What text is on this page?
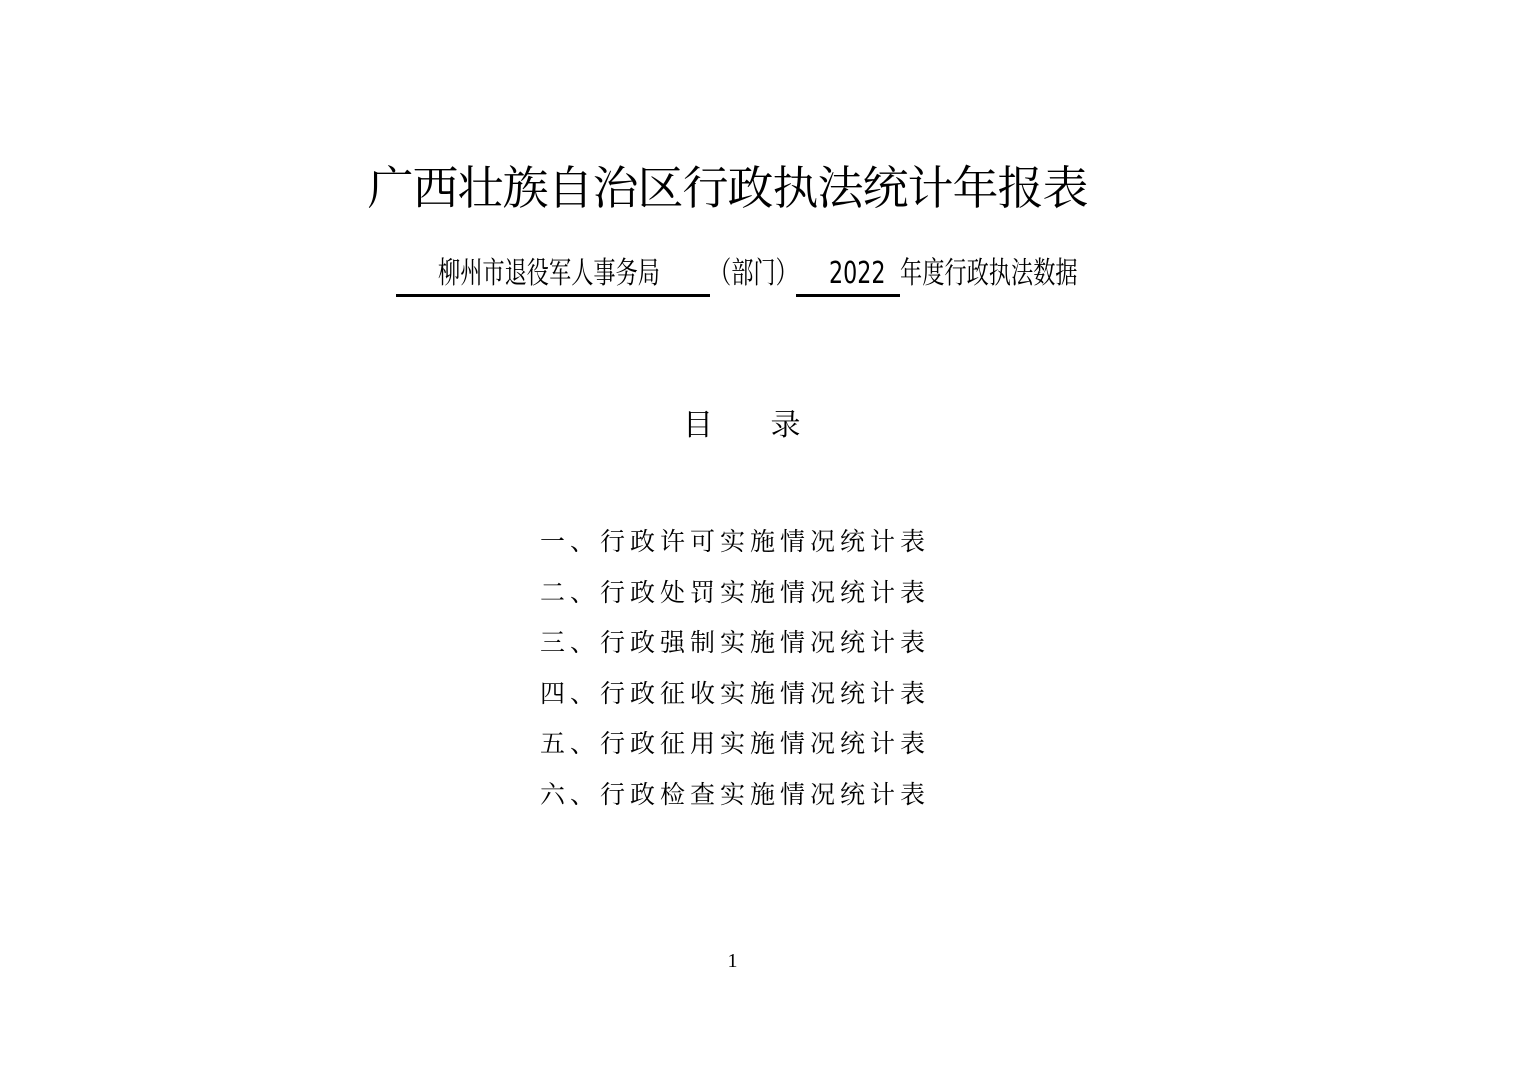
广西壮族自治区行政执法统计年报表
柳州市退役军人事务局 （部门） 2022 年度行政执法数据
目 录
一、行政许可实施情况统计表
二、行政处罚实施情况统计表
三、行政强制实施情况统计表
四、行政征收实施情况统计表
五、行政征用实施情况统计表
六、行政检查实施情况统计表
1
